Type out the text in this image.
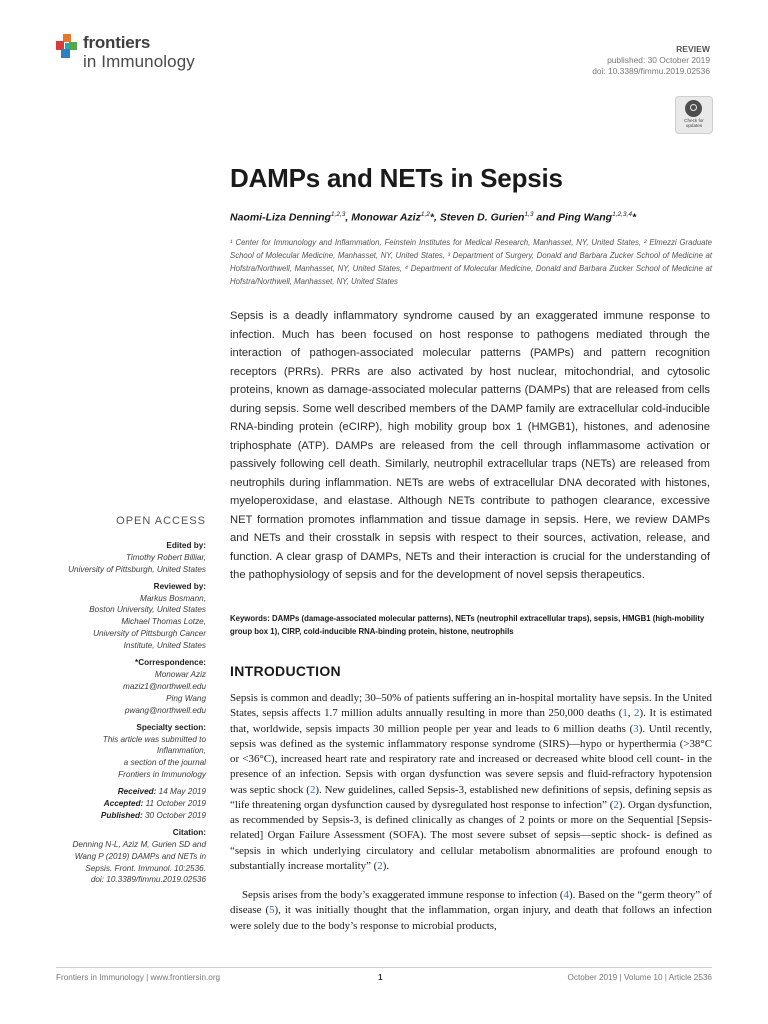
frontiers
in Immunology
REVIEW
published: 30 October 2019
doi: 10.3389/fimmu.2019.02536
Check for updates
DAMPs and NETs in Sepsis
Naomi-Liza Denning$^{1,2,3}$, Monowar Aziz$^{1,2}$*, Steven D. Gurien$^{1,3}$ and Ping Wang$^{1,2,3,4}$*
¹ Center for Immunology and Inflammation, Feinstein Institutes for Medical Research, Manhasset, NY, United States, ² Elmezzi Graduate School of Molecular Medicine, Manhasset, NY, United States, ³ Department of Surgery, Donald and Barbara Zucker School of Medicine at Hofstra/Northwell, Manhasset, NY, United States, ⁴ Department of Molecular Medicine, Donald and Barbara Zucker School of Medicine at Hofstra/Northwell, Manhasset, NY, United States

Sepsis is a deadly inflammatory syndrome caused by an exaggerated immune response to infection. Much has been focused on host response to pathogens mediated through the interaction of pathogen-associated molecular patterns (PAMPs) and pattern recognition receptors (PRRs). PRRs are also activated by host nuclear, mitochondrial, and cytosolic proteins, known as damage-associated molecular patterns (DAMPs) that are released from cells during sepsis. Some well described members of the DAMP family are extracellular cold-inducible RNA-binding protein (eCIRP), high mobility group box 1 (HMGB1), histones, and adenosine triphosphate (ATP). DAMPs are released from the cell through inflammasome activation or passively following cell death. Similarly, neutrophil extracellular traps (NETs) are released from neutrophils during inflammation. NETs are webs of extracellular DNA decorated with histones, myeloperoxidase, and elastase. Although NETs contribute to pathogen clearance, excessive NET formation promotes inflammation and tissue damage in sepsis. Here, we review DAMPs and NETs and their crosstalk in sepsis with respect to their sources, activation, release, and function. A clear grasp of DAMPs, NETs and their interaction is crucial for the understanding of the pathophysiology of sepsis and for the development of novel sepsis therapeutics.

Keywords: DAMPs (damage-associated molecular patterns), NETs (neutrophil extracellular traps), sepsis, HMGB1 (high-mobility group box 1), CIRP, cold-inducible RNA-binding protein, histone, neutrophils
INTRODUCTION

Sepsis is common and deadly; 30–50% of patients suffering an in-hospital mortality have sepsis. In the United States, sepsis affects 1.7 million adults annually resulting in more than 250,000 deaths (1, 2). It is estimated that, worldwide, sepsis impacts 30 million people per year and leads to 6 million deaths (3). Until recently, sepsis was defined as the systemic inflammatory response syndrome (SIRS)—hypo or hyperthermia (>38°C or <36°C), increased heart rate and respiratory rate and increased or decreased white blood cell count- in the presence of an infection. Sepsis with organ dysfunction was severe sepsis and fluid-refractory hypotension was septic shock (2). New guidelines, called Sepsis-3, established new definitions of sepsis, defining sepsis as “life threatening organ dysfunction caused by dysregulated host response to infection” (2). Organ dysfunction, as recommended by Sepsis-3, is defined clinically as changes of 2 points or more on the Sequential [Sepsis-related] Organ Failure Assessment (SOFA). The most severe subset of sepsis—septic shock- is defined as “sepsis in which underlying circulatory and cellular metabolism abnormalities are profound enough to substantially increase mortality” (2).

Sepsis arises from the body’s exaggerated immune response to infection (4). Based on the “germ theory” of disease (5), it was initially thought that the inflammation, organ injury, and death that follows an infection were solely due to the body’s response to microbial products,

OPEN ACCESS
Edited by:
Timothy Robert Billiar,
University of Pittsburgh, United States
Reviewed by:
Markus Bosmann,
Boston University, United States
Michael Thomas Lotze,
University of Pittsburgh Cancer
Institute, United States
*Correspondence:
Monowar Aziz
maziz1@northwell.edu
Ping Wang
pwang@northwell.edu
Specialty section:
This article was submitted to
Inflammation,
a section of the journal
Frontiers in Immunology
Received: 14 May 2019
Accepted: 11 October 2019
Published: 30 October 2019
Citation:
Denning N-L, Aziz M, Gurien SD and
Wang P (2019) DAMPs and NETs in
Sepsis. Front. Immunol. 10:2536.
doi: 10.3389/fimmu.2019.02536
Frontiers in Immunology | www.frontiersin.org	1	October 2019 | Volume 10 | Article 2536
